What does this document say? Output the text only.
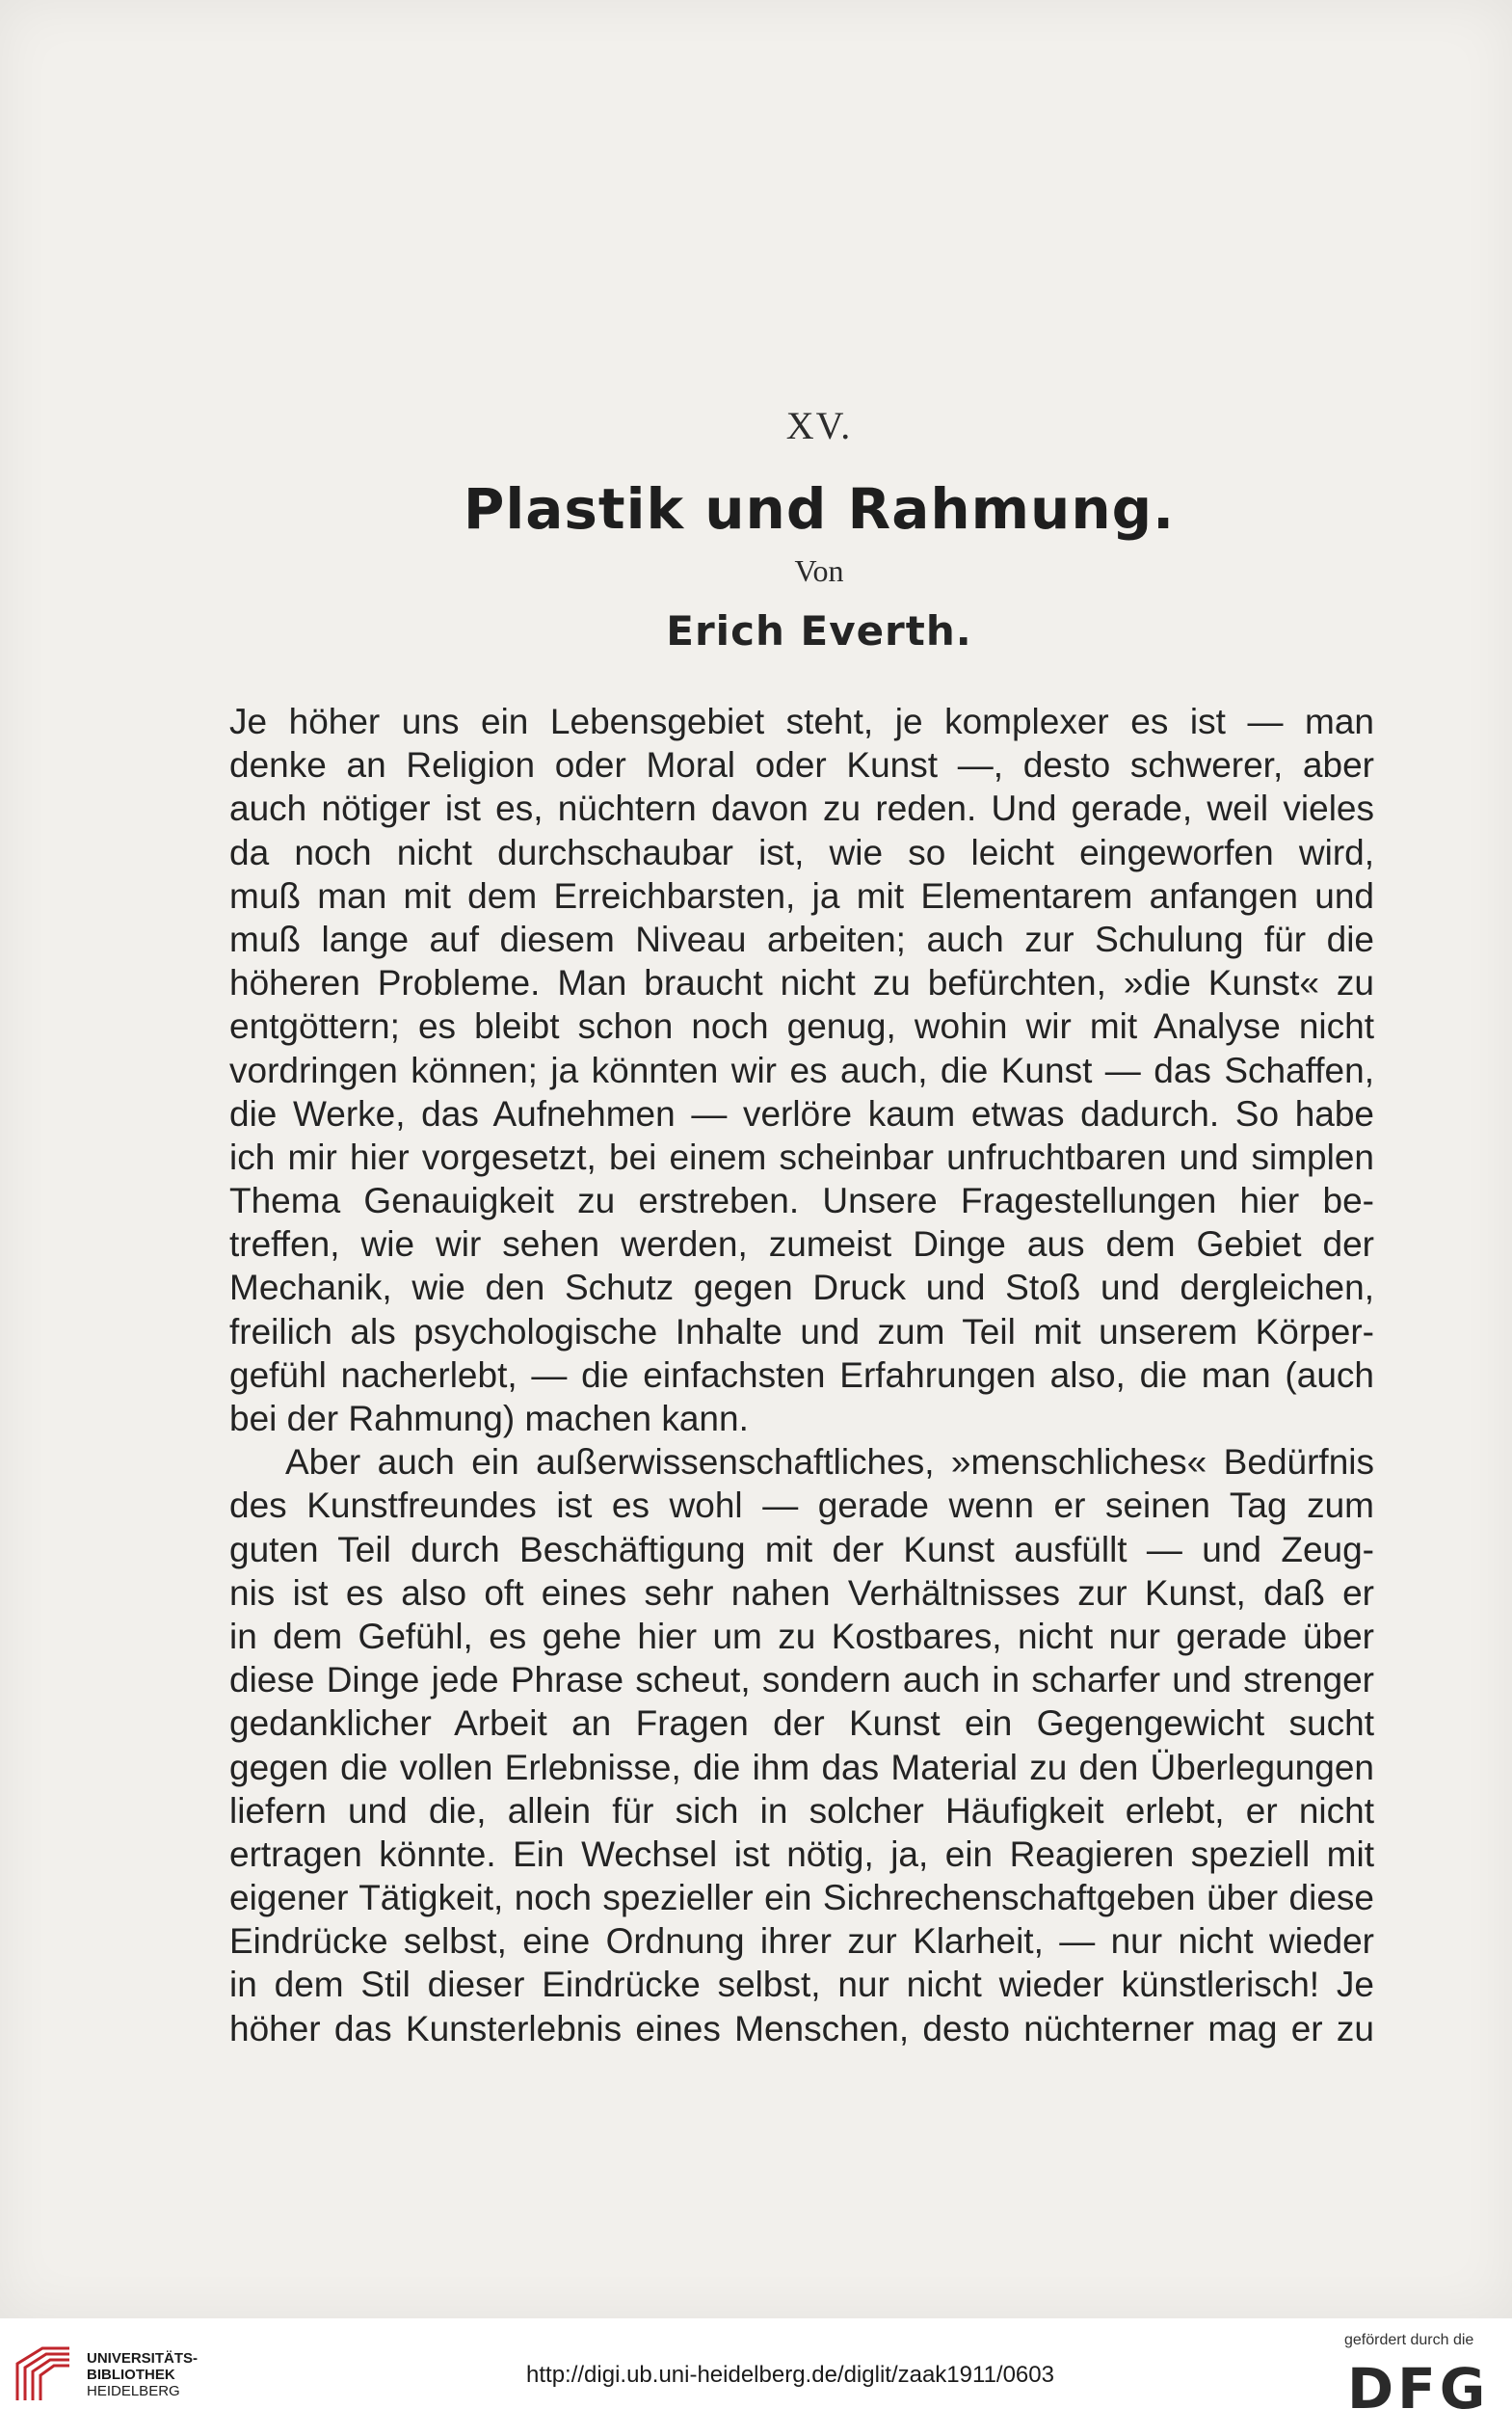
XV.
Plastik und Rahmung.
Von
Erich Everth.
Je höher uns ein Lebensgebiet steht, je komplexer es ist — man
denke an Religion oder Moral oder Kunst —, desto schwerer, aber
auch nötiger ist es, nüchtern davon zu reden. Und gerade, weil vieles
da noch nicht durchschaubar ist, wie so leicht eingeworfen wird,
muß man mit dem Erreichbarsten, ja mit Elementarem anfangen und
muß lange auf diesem Niveau arbeiten; auch zur Schulung für die
höheren Probleme. Man braucht nicht zu befürchten, »die Kunst« zu
entgöttern; es bleibt schon noch genug, wohin wir mit Analyse nicht
vordringen können; ja könnten wir es auch, die Kunst — das Schaffen,
die Werke, das Aufnehmen — verlöre kaum etwas dadurch. So habe
ich mir hier vorgesetzt, bei einem scheinbar unfruchtbaren und simplen
Thema Genauigkeit zu erstreben. Unsere Fragestellungen hier be-
treffen, wie wir sehen werden, zumeist Dinge aus dem Gebiet der
Mechanik, wie den Schutz gegen Druck und Stoß und dergleichen,
freilich als psychologische Inhalte und zum Teil mit unserem Körper-
gefühl nacherlebt, — die einfachsten Erfahrungen also, die man (auch
bei der Rahmung) machen kann.
Aber auch ein außerwissenschaftliches, »menschliches« Bedürfnis
des Kunstfreundes ist es wohl — gerade wenn er seinen Tag zum
guten Teil durch Beschäftigung mit der Kunst ausfüllt — und Zeug-
nis ist es also oft eines sehr nahen Verhältnisses zur Kunst, daß er
in dem Gefühl, es gehe hier um zu Kostbares, nicht nur gerade über
diese Dinge jede Phrase scheut, sondern auch in scharfer und strenger
gedanklicher Arbeit an Fragen der Kunst ein Gegengewicht sucht
gegen die vollen Erlebnisse, die ihm das Material zu den Überlegungen
liefern und die, allein für sich in solcher Häufigkeit erlebt, er nicht
ertragen könnte. Ein Wechsel ist nötig, ja, ein Reagieren speziell mit
eigener Tätigkeit, noch spezieller ein Sichrechenschaftgeben über diese
Eindrücke selbst, eine Ordnung ihrer zur Klarheit, — nur nicht wieder
in dem Stil dieser Eindrücke selbst, nur nicht wieder künstlerisch! Je
höher das Kunsterlebnis eines Menschen, desto nüchterner mag er zu
UNIVERSITÄTS-
BIBLIOTHEK
HEIDELBERG
http://digi.ub.uni-heidelberg.de/diglit/zaak1911/0603
gefördert durch die
DFG
